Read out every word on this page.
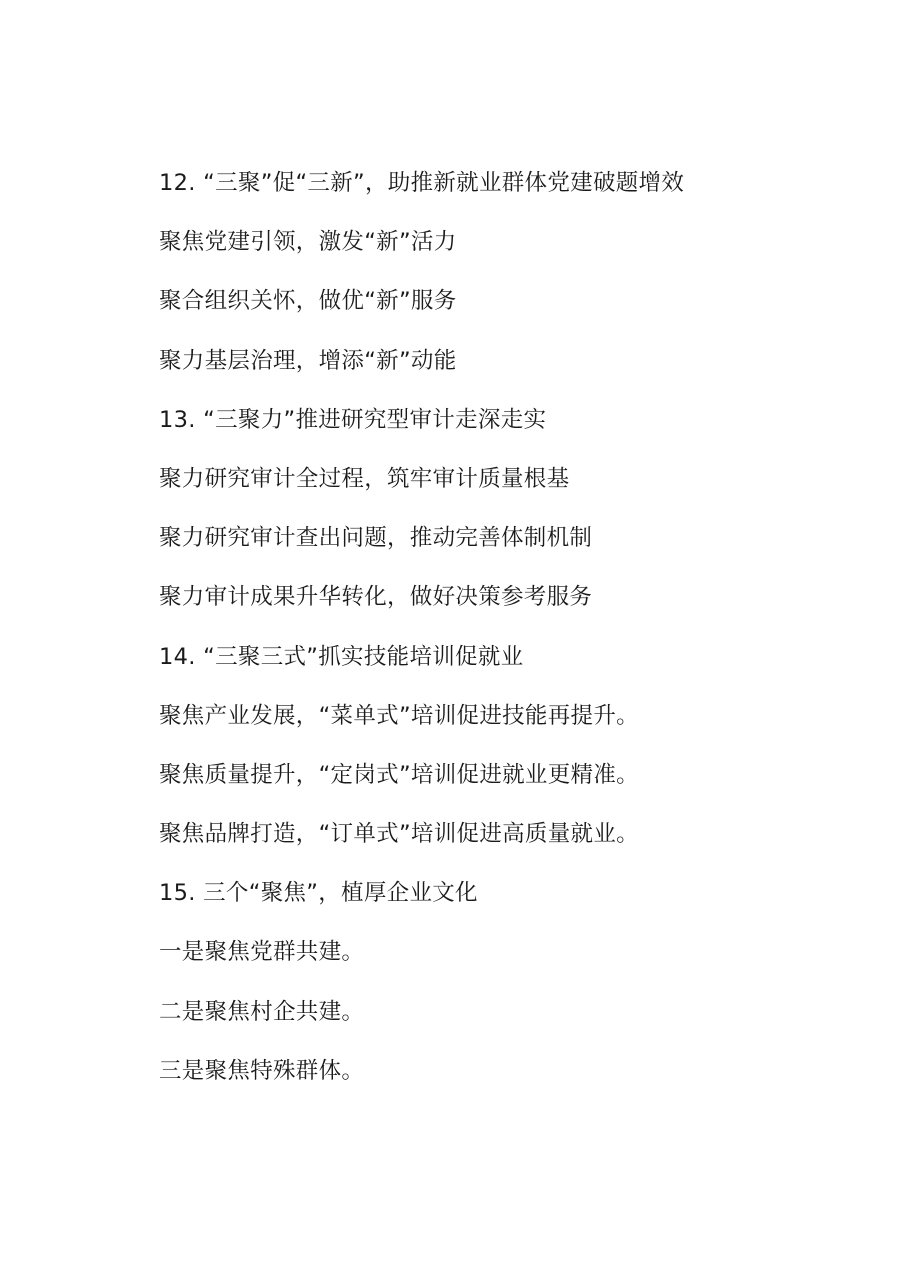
12. “三聚”促“三新”，助推新就业群体党建破题增效
聚焦党建引领，激发“新”活力
聚合组织关怀，做优“新”服务
聚力基层治理，增添“新”动能
13. “三聚力”推进研究型审计走深走实
聚力研究审计全过程，筑牢审计质量根基
聚力研究审计查出问题，推动完善体制机制
聚力审计成果升华转化，做好决策参考服务
14. “三聚三式”抓实技能培训促就业
聚焦产业发展，“菜单式”培训促进技能再提升。
聚焦质量提升，“定岗式”培训促进就业更精准。
聚焦品牌打造，“订单式”培训促进高质量就业。
15. 三个“聚焦”，植厚企业文化
一是聚焦党群共建。
二是聚焦村企共建。
三是聚焦特殊群体。
